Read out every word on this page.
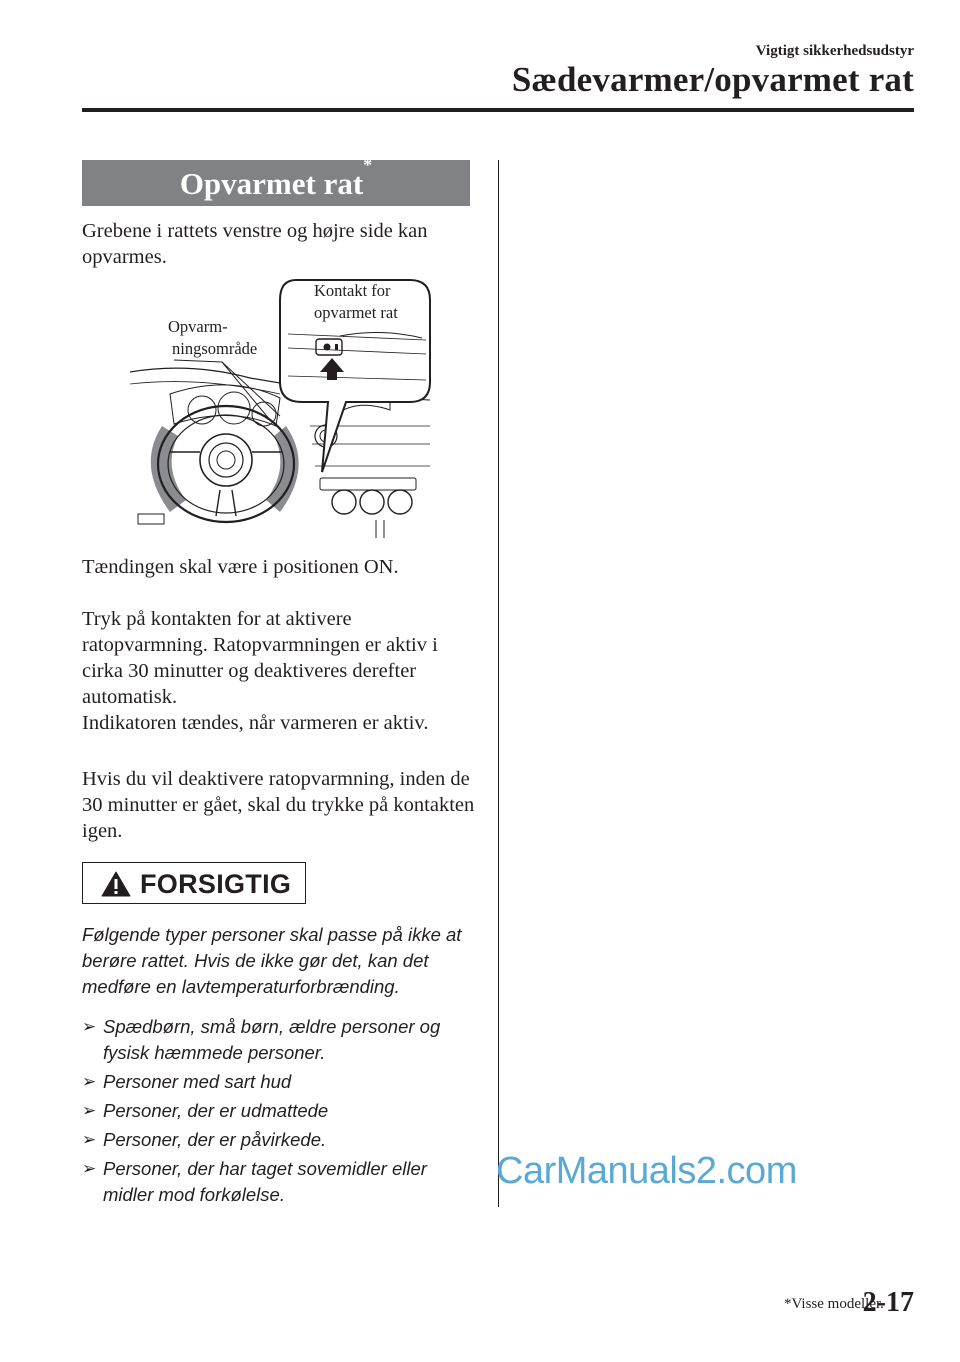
Vigtigt sikkerhedsudstyr
Sædevarmer/opvarmet rat
Opvarmet rat*
Grebene i rattets venstre og højre side kan opvarmes.
Kontakt for
opvarmet rat
Opvarm-
ningsområde
Tændingen skal være i positionen ON.

Tryk på kontakten for at aktivere ratopvarmning. Ratopvarmningen er aktiv i cirka 30 minutter og deaktiveres derefter automatisk.

Indikatoren tændes, når varmeren er aktiv.

Hvis du vil deaktivere ratopvarmning, inden de 30 minutter er gået, skal du trykke på kontakten igen.
FORSIGTIG
Følgende typer personer skal passe på ikke at berøre rattet. Hvis de ikke gør det, kan det medføre en lavtemperaturforbrænding.
➢ Spædbørn, små børn, ældre personer og fysisk hæmmede personer.
➢ Personer med sart hud
➢ Personer, der er udmattede
➢ Personer, der er påvirkede.
➢ Personer, der har taget sovemidler eller midler mod forkølelse.
CarManuals2.com
*Visse modeller.
2-17
